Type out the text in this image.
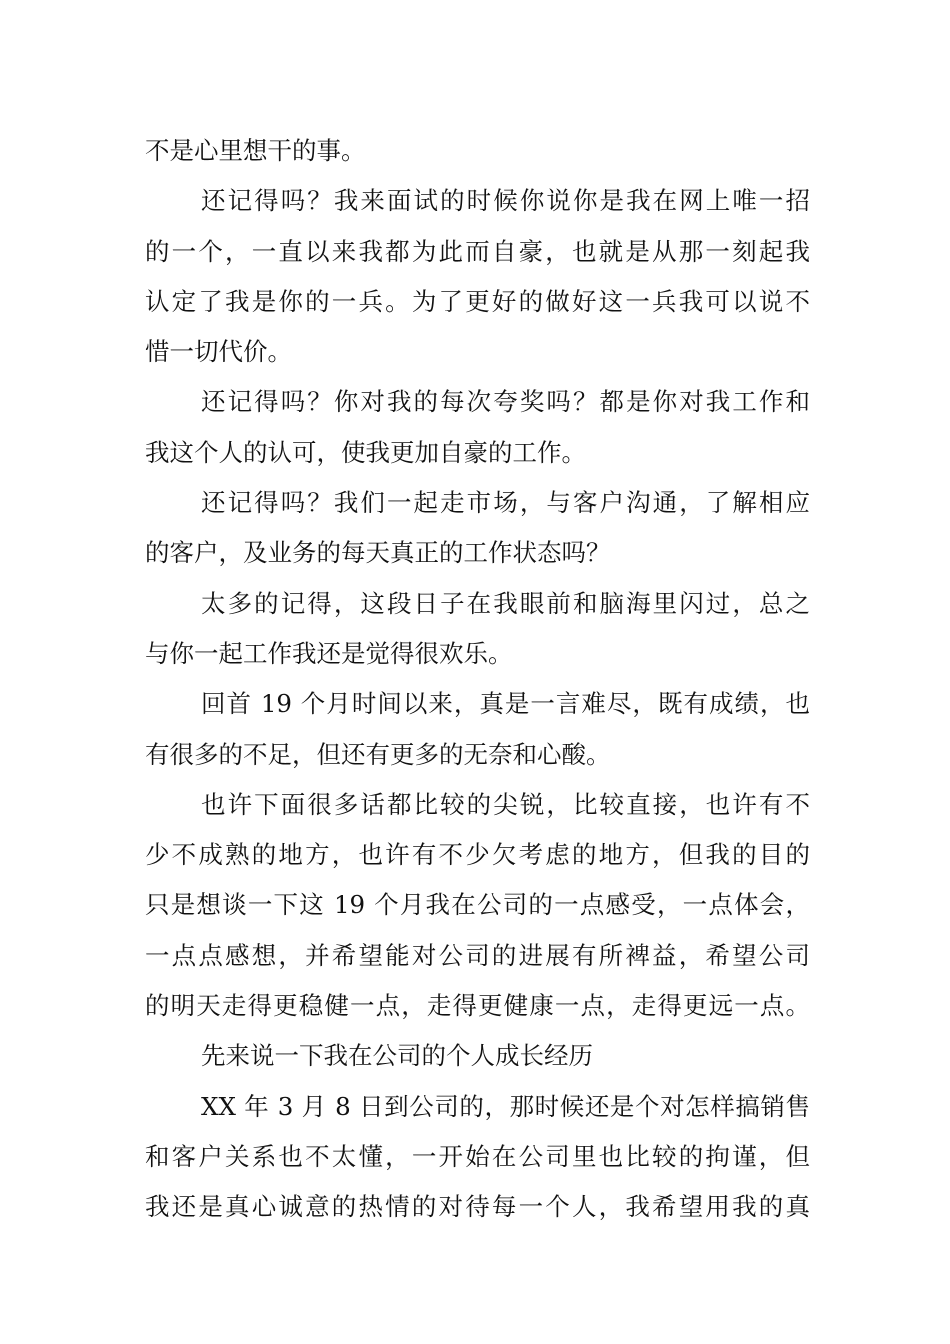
不是心里想干的事。
还记得吗？我来面试的时候你说你是我在网上唯一招
的一个，一直以来我都为此而自豪，也就是从那一刻起我
认定了我是你的一兵。为了更好的做好这一兵我可以说不
惜一切代价。
还记得吗？你对我的每次夸奖吗？都是你对我工作和
我这个人的认可，使我更加自豪的工作。
还记得吗？我们一起走市场，与客户沟通，了解相应
的客户，及业务的每天真正的工作状态吗？
太多的记得，这段日子在我眼前和脑海里闪过，总之
与你一起工作我还是觉得很欢乐。
回首 19 个月时间以来，真是一言难尽，既有成绩，也
有很多的不足，但还有更多的无奈和心酸。
也许下面很多话都比较的尖锐，比较直接，也许有不
少不成熟的地方，也许有不少欠考虑的地方，但我的目的
只是想谈一下这 19 个月我在公司的一点感受，一点体会，
一点点感想，并希望能对公司的进展有所裨益，希望公司
的明天走得更稳健一点，走得更健康一点，走得更远一点。
先来说一下我在公司的个人成长经历
XX 年 3 月 8 日到公司的，那时候还是个对怎样搞销售
和客户关系也不太懂，一开始在公司里也比较的拘谨，但
我还是真心诚意的热情的对待每一个人，我希望用我的真
